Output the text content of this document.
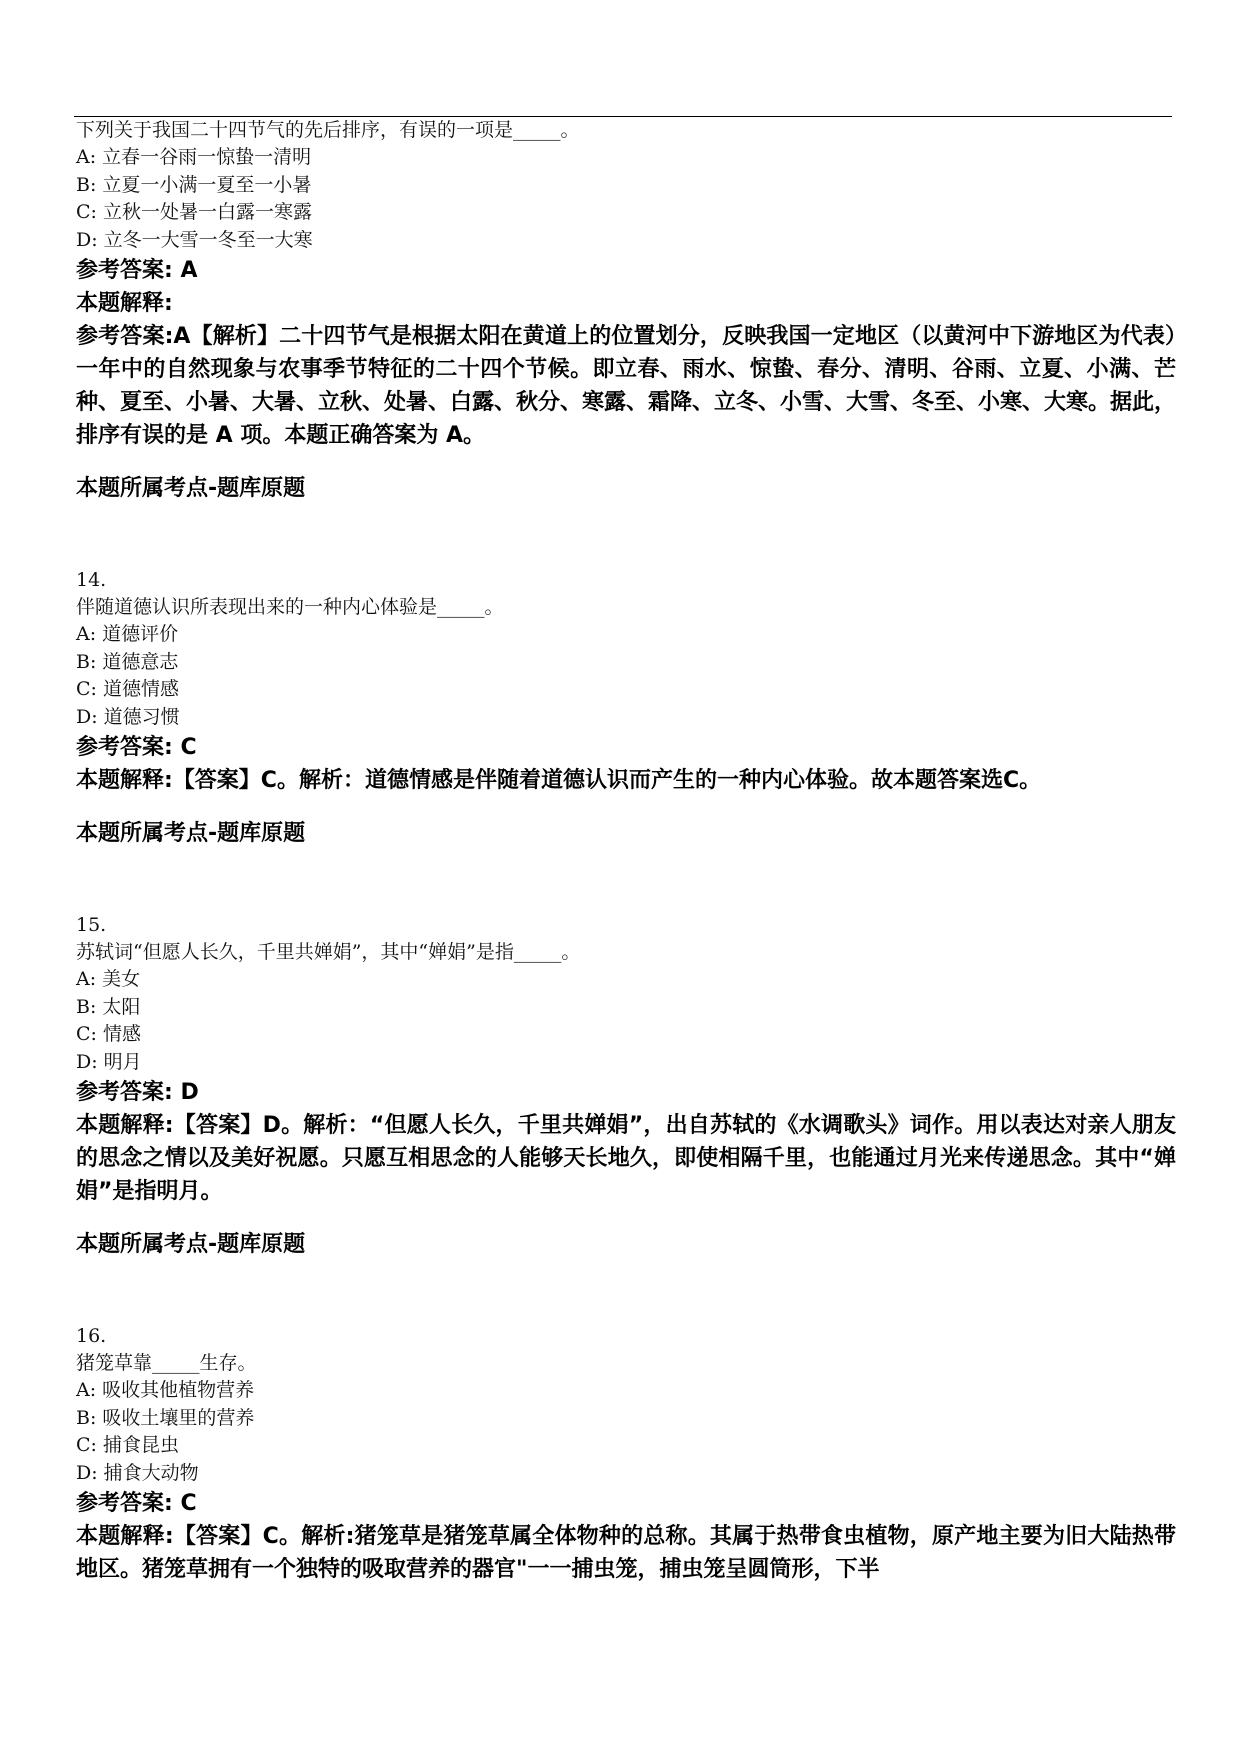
下列关于我国二十四节气的先后排序，有误的一项是_____。
A: 立春一谷雨一惊蛰一清明
B: 立夏一小满一夏至一小暑
C: 立秋一处暑一白露一寒露
D: 立冬一大雪一冬至一大寒
参考答案: A
本题解释:
参考答案:A【解析】二十四节气是根据太阳在黄道上的位置划分，反映我国一定地区（以黄河中下游地区为代表）一年中的自然现象与农事季节特征的二十四个节候。即立春、雨水、惊蛰、春分、清明、谷雨、立夏、小满、芒种、夏至、小暑、大暑、立秋、处暑、白露、秋分、寒露、霜降、立冬、小雪、大雪、冬至、小寒、大寒。据此，排序有误的是 A 项。本题正确答案为 A。
本题所属考点-题库原题
14.
伴随道德认识所表现出来的一种内心体验是_____。
A: 道德评价
B: 道德意志
C: 道德情感
D: 道德习惯
参考答案: C
本题解释:【答案】C。解析：道德情感是伴随着道德认识而产生的一种内心体验。故本题答案选C。
本题所属考点-题库原题
15.
苏轼词“但愿人长久，千里共婵娟”，其中“婵娟”是指_____。
A: 美女
B: 太阳
C: 情感
D: 明月
参考答案: D
本题解释:【答案】D。解析：“但愿人长久，千里共婵娟”，出自苏轼的《水调歌头》词作。用以表达对亲人朋友的思念之情以及美好祝愿。只愿互相思念的人能够天长地久，即使相隔千里，也能通过月光来传递思念。其中“婵娟”是指明月。
本题所属考点-题库原题
16.
猪笼草靠_____生存。
A: 吸收其他植物营养
B: 吸收土壤里的营养
C: 捕食昆虫
D: 捕食大动物
参考答案: C
本题解释:【答案】C。解析:猪笼草是猪笼草属全体物种的总称。其属于热带食虫植物，原产地主要为旧大陆热带地区。猪笼草拥有一个独特的吸取营养的器官"一一捕虫笼，捕虫笼呈圆筒形，下半
